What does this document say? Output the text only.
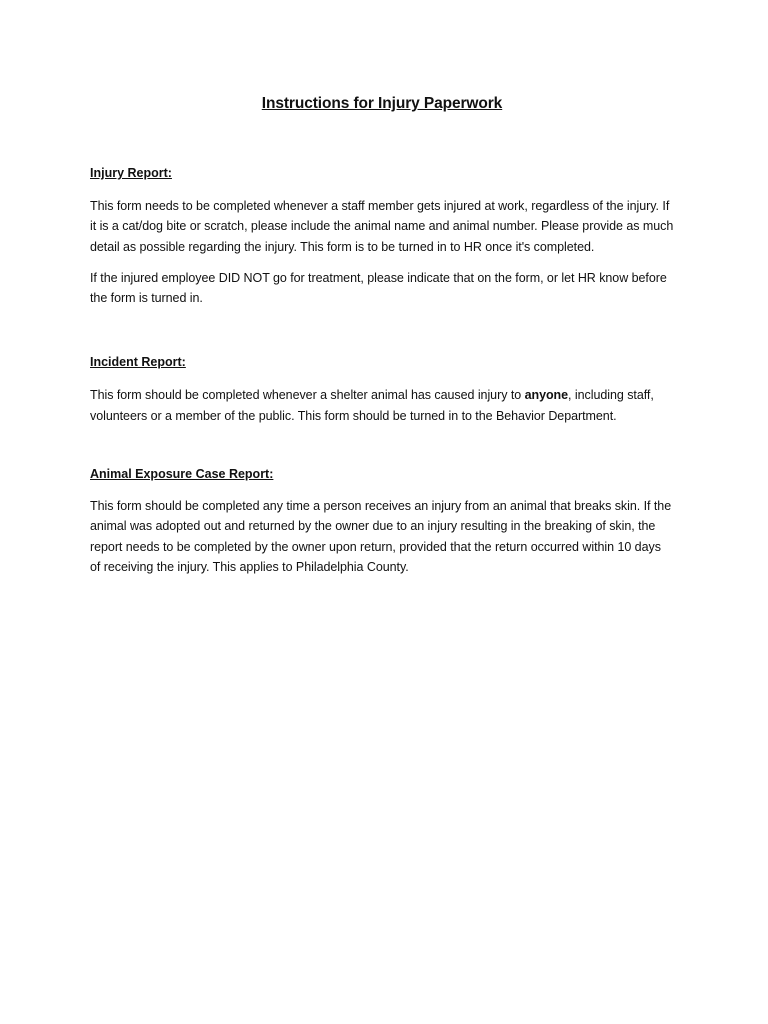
Instructions for Injury Paperwork
Injury Report:

This form needs to be completed whenever a staff member gets injured at work, regardless of the injury. If it is a cat/dog bite or scratch, please include the animal name and animal number. Please provide as much detail as possible regarding the injury. This form is to be turned in to HR once it's completed.

If the injured employee DID NOT go for treatment, please indicate that on the form, or let HR know before the form is turned in.

Incident Report:

This form should be completed whenever a shelter animal has caused injury to anyone, including staff, volunteers or a member of the public. This form should be turned in to the Behavior Department.

Animal Exposure Case Report:

This form should be completed any time a person receives an injury from an animal that breaks skin. If the animal was adopted out and returned by the owner due to an injury resulting in the breaking of skin, the report needs to be completed by the owner upon return, provided that the return occurred within 10 days of receiving the injury. This applies to Philadelphia County.
